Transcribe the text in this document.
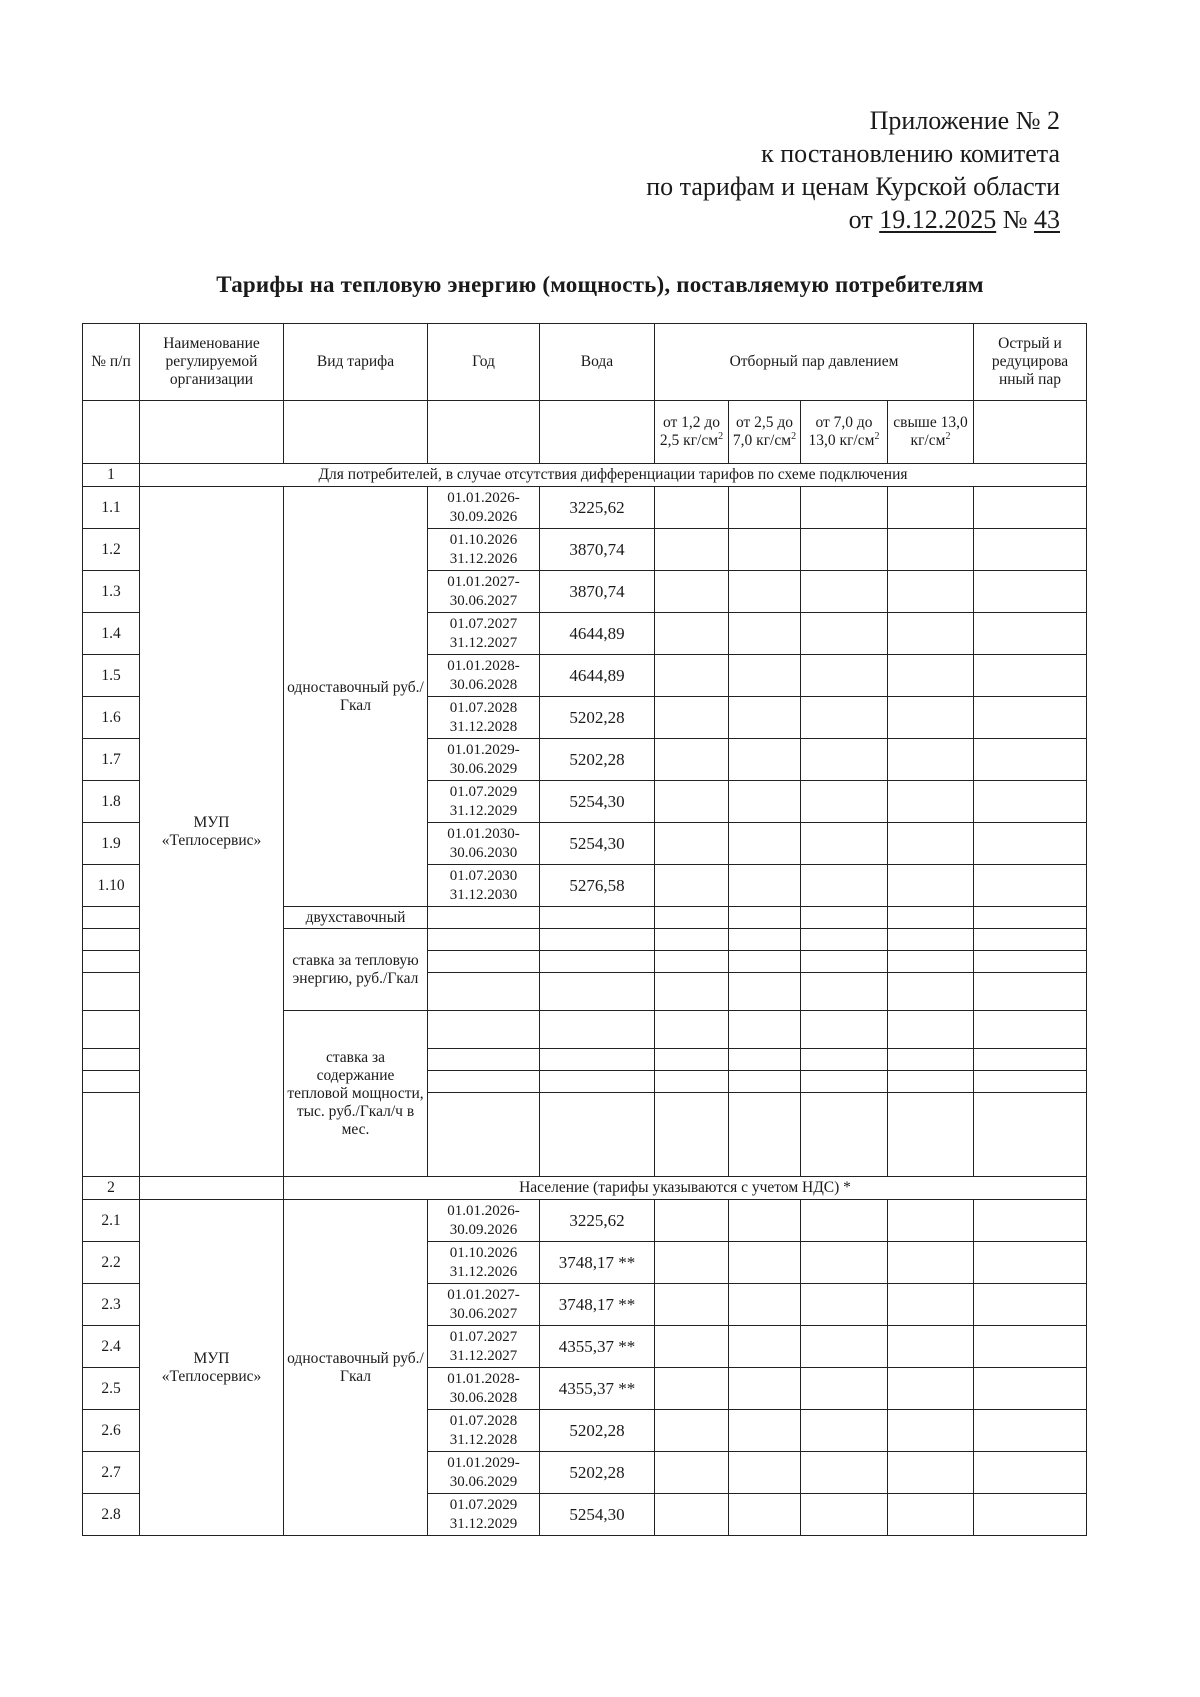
Приложение № 2
к постановлению комитета
по тарифам и ценам Курской области
от 19.12.2025 № 43
Тарифы на тепловую энергию (мощность), поставляемую потребителям
№ п/п	Наименование регулируемой организации	Вид тарифа	Год	Вода	Отборный пар давлением				Острый и редуцирова нный пар
					от 1,2 до 2,5 $кг/см^2$	от 2,5 до 7,0 $кг/см^2$	от 7,0 до 13,0 $кг/см^2$	свыше 13,0 $кг/см^2$	
1	Для потребителей, в случае отсутствия дифференциации тарифов по схеме подключения								
1.1	МУП «Теплосервис»	одноставочный руб./Гкал	01.01.2026- 30.09.2026	3225,62					
1.2			01.10.2026 31.12.2026	3870,74					
1.3			01.01.2027- 30.06.2027	3870,74					
1.4			01.07.2027 31.12.2027	4644,89					
1.5			01.01.2028- 30.06.2028	4644,89					
1.6			01.07.2028 31.12.2028	5202,28					
1.7			01.01.2029- 30.06.2029	5202,28					
1.8			01.07.2029 31.12.2029	5254,30					
1.9			01.01.2030- 30.06.2030	5254,30					
1.10			01.07.2030 31.12.2030	5276,58					
		двухставочный							
		ставка за тепловую энергию, руб./Гкал							

		ставка за содержание тепловой мощности, тыс. руб./Гкал/ч в мес.							

2		Население (тарифы указываются с учетом НДС) *							
2.1	МУП «Теплосервис»	одноставочный руб./Гкал	01.01.2026- 30.09.2026	3225,62					
2.2			01.10.2026 31.12.2026	3748,17 **					
2.3			01.01.2027- 30.06.2027	3748,17 **					
2.4			01.07.2027 31.12.2027	4355,37 **					
2.5			01.01.2028- 30.06.2028	4355,37 **					
2.6			01.07.2028 31.12.2028	5202,28					
2.7			01.01.2029- 30.06.2029	5202,28					
2.8			01.07.2029 31.12.2029	5254,30					
